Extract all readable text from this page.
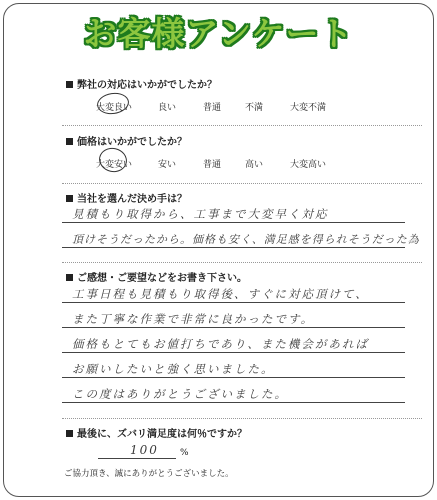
お客様アンケート
弊社の対応はいかがでしたか？
大変良い	良い	普通	不満	大変不満
価格はいかがでしたか？
大変安い	安い	普通	高い	大変高い
当社を選んだ決め手は？
見積もり取得から、工事まで大変早く対応
頂けそうだったから。価格も安く、満足感を得られそうだった為
ご感想・ご要望などをお書き下さい。
工事日程も見積もり取得後、すぐに対応頂けて、
また丁寧な作業で非常に良かったです。
価格もとてもお値打ちであり、また機会があれば
お願いしたいと強く思いました。
この度はありがとうございました。
最後に、ズバリ満足度は何％ですか？
100 %
ご協力頂き、誠にありがとうございました。
